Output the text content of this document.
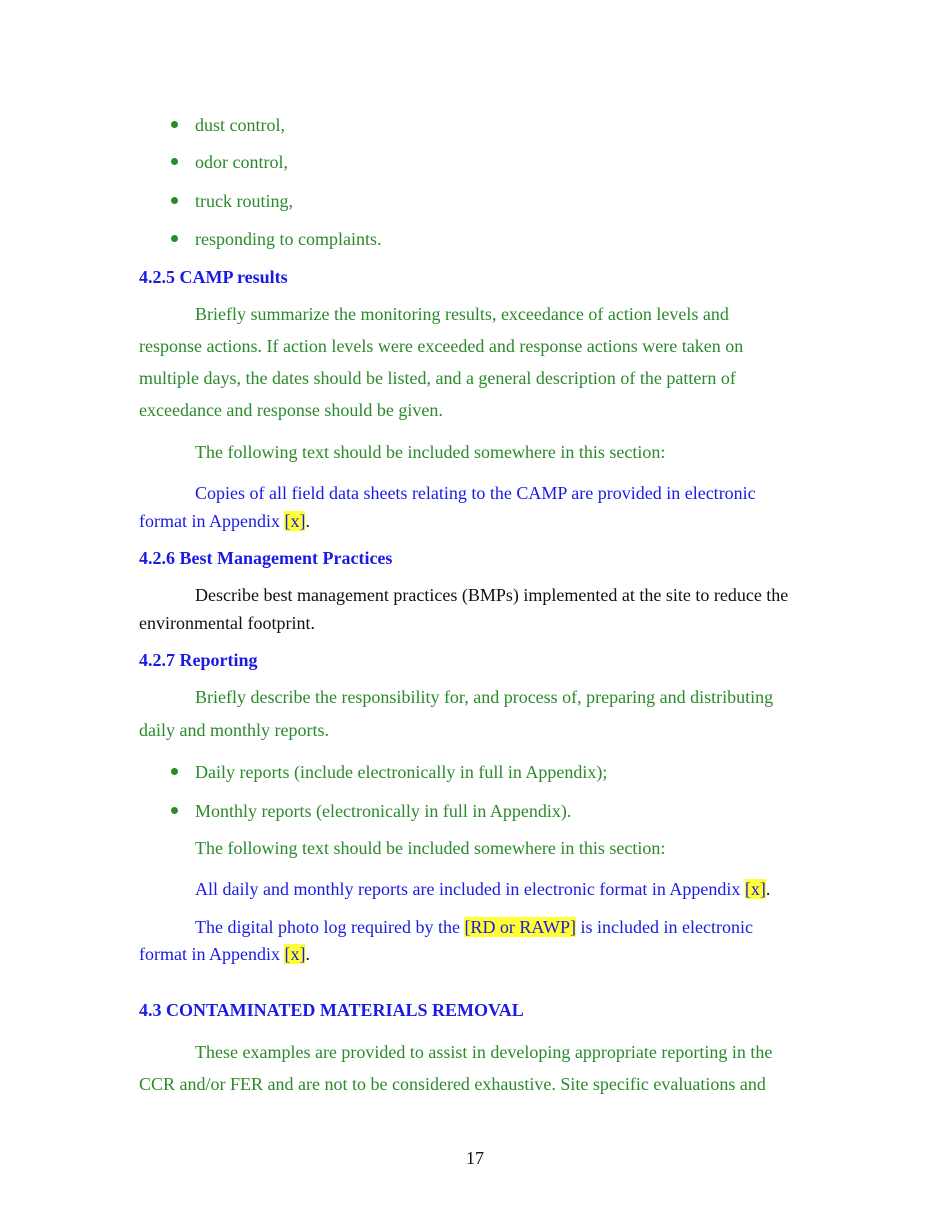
dust control,
odor control,
truck routing,
responding to complaints.
4.2.5 CAMP results
Briefly summarize the monitoring results, exceedance of action levels and
response actions. If action levels were exceeded and response actions were taken on
multiple days, the dates should be listed, and a general description of the pattern of
exceedance and response should be given.
The following text should be included somewhere in this section:
Copies of all field data sheets relating to the CAMP are provided in electronic
format in Appendix [x].
4.2.6 Best Management Practices
Describe best management practices (BMPs) implemented at the site to reduce the
environmental footprint.
4.2.7 Reporting
Briefly describe the responsibility for, and process of, preparing and distributing
daily and monthly reports.
Daily reports (include electronically in full in Appendix);
Monthly reports (electronically in full in Appendix).
The following text should be included somewhere in this section:
All daily and monthly reports are included in electronic format in Appendix [x].
The digital photo log required by the [RD or RAWP] is included in electronic
format in Appendix [x].
4.3 CONTAMINATED MATERIALS REMOVAL
These examples are provided to assist in developing appropriate reporting in the
CCR and/or FER and are not to be considered exhaustive. Site specific evaluations and
17
